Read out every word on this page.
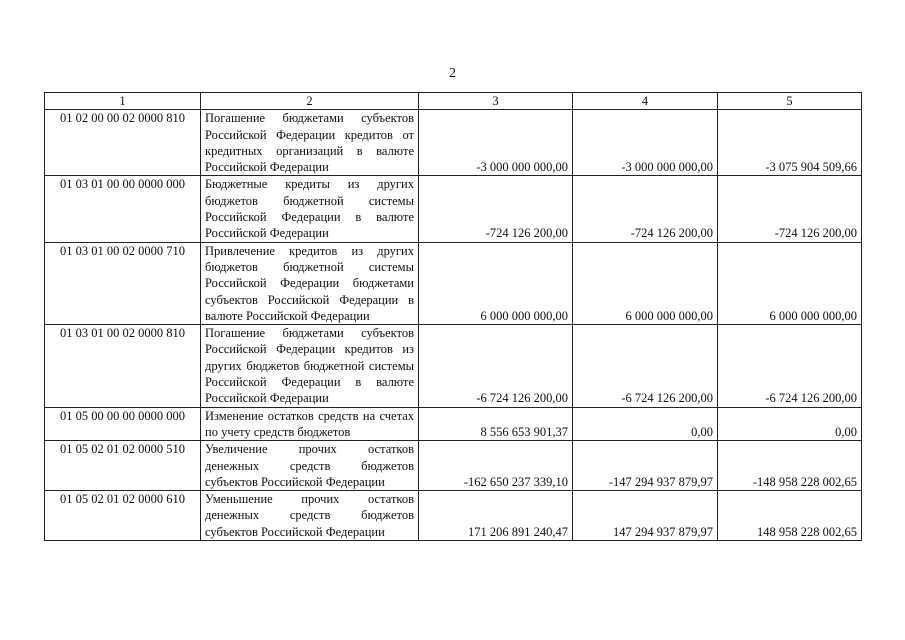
2
1	2	3	4	5
01 02 00 00 02 0000 810	Погашение бюджетами субъектов Российской Федерации кредитов от кредитных организаций в валюте Российской Федерации	-3 000 000 000,00	-3 000 000 000,00	-3 075 904 509,66
01 03 01 00 00 0000 000	Бюджетные кредиты из других бюджетов бюджетной системы Российской Федерации в валюте Российской Федерации	-724 126 200,00	-724 126 200,00	-724 126 200,00
01 03 01 00 02 0000 710	Привлечение кредитов из других бюджетов бюджетной системы Российской Федерации бюджетами субъектов Российской Федерации в валюте Российской Федерации	6 000 000 000,00	6 000 000 000,00	6 000 000 000,00
01 03 01 00 02 0000 810	Погашение бюджетами субъектов Российской Федерации кредитов из других бюджетов бюджетной системы Российской Федерации в валюте Российской Федерации	-6 724 126 200,00	-6 724 126 200,00	-6 724 126 200,00
01 05 00 00 00 0000 000	Изменение остатков средств на счетах по учету средств бюджетов	8 556 653 901,37	0,00	0,00
01 05 02 01 02 0000 510	Увеличение прочих остатков денежных средств бюджетов субъектов Российской Федерации	-162 650 237 339,10	-147 294 937 879,97	-148 958 228 002,65
01 05 02 01 02 0000 610	Уменьшение прочих остатков денежных средств бюджетов субъектов Российской Федерации	171 206 891 240,47	147 294 937 879,97	148 958 228 002,65
